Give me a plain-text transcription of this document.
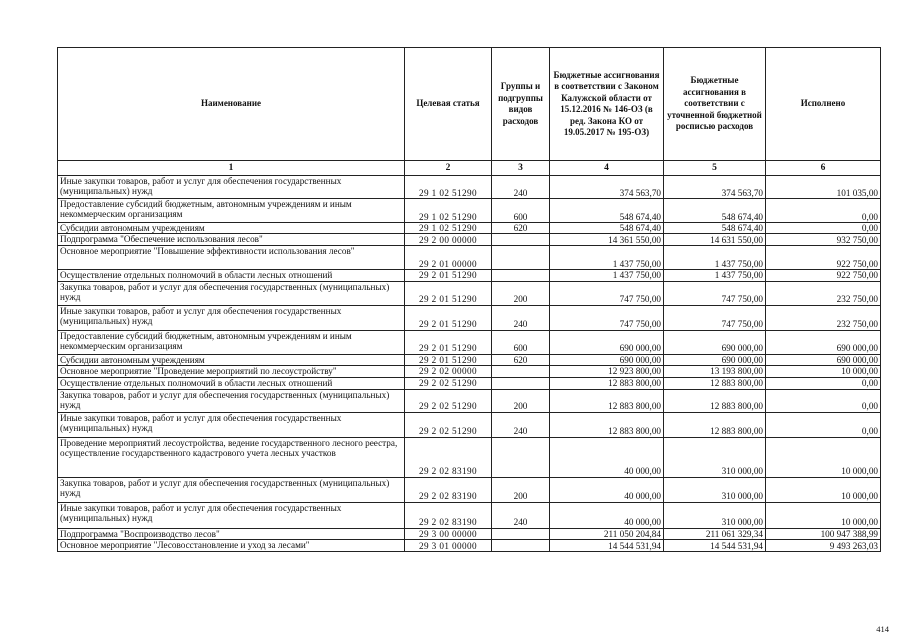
Наименование	Целевая статья	Группы и подгруппы видов расходов	Бюджетные ассигнования в соответствии с Законом Калужской области от 15.12.2016 № 146-ОЗ (в ред. Закона КО от 19.05.2017 № 195-ОЗ)	Бюджетные ассигнования в соответствии с уточненной бюджетной росписью расходов	Исполнено
1	2	3	4	5	6
Иные закупки товаров, работ и услуг для обеспечения государственных (муниципальных) нужд	29 1 02 51290	240	374 563,70	374 563,70	101 035,00
Предоставление субсидий бюджетным, автономным учреждениям и иным некоммерческим организациям	29 1 02 51290	600	548 674,40	548 674,40	0,00
Субсидии автономным учреждениям	29 1 02 51290	620	548 674,40	548 674,40	0,00
Подпрограмма "Обеспечение использования лесов"	29 2 00 00000		14 361 550,00	14 631 550,00	932 750,00
Основное мероприятие "Повышение эффективности использования лесов"	29 2 01 00000		1 437 750,00	1 437 750,00	922 750,00
Осуществление отдельных полномочий в области лесных отношений	29 2 01 51290		1 437 750,00	1 437 750,00	922 750,00
Закупка товаров, работ и услуг для обеспечения государственных (муниципальных) нужд	29 2 01 51290	200	747 750,00	747 750,00	232 750,00
Иные закупки товаров, работ и услуг для обеспечения государственных (муниципальных) нужд	29 2 01 51290	240	747 750,00	747 750,00	232 750,00
Предоставление субсидий бюджетным, автономным учреждениям и иным некоммерческим организациям	29 2 01 51290	600	690 000,00	690 000,00	690 000,00
Субсидии автономным учреждениям	29 2 01 51290	620	690 000,00	690 000,00	690 000,00
Основное мероприятие "Проведение мероприятий по лесоустройству"	29 2 02 00000		12 923 800,00	13 193 800,00	10 000,00
Осуществление отдельных полномочий в области лесных отношений	29 2 02 51290		12 883 800,00	12 883 800,00	0,00
Закупка товаров, работ и услуг для обеспечения государственных (муниципальных) нужд	29 2 02 51290	200	12 883 800,00	12 883 800,00	0,00
Иные закупки товаров, работ и услуг для обеспечения государственных (муниципальных) нужд	29 2 02 51290	240	12 883 800,00	12 883 800,00	0,00
Проведение мероприятий лесоустройства, ведение государственного лесного реестра, осуществление государственного кадастрового учета лесных участков	29 2 02 83190		40 000,00	310 000,00	10 000,00
Закупка товаров, работ и услуг для обеспечения государственных (муниципальных) нужд	29 2 02 83190	200	40 000,00	310 000,00	10 000,00
Иные закупки товаров, работ и услуг для обеспечения государственных (муниципальных) нужд	29 2 02 83190	240	40 000,00	310 000,00	10 000,00
Подпрограмма "Воспроизводство лесов"	29 3 00 00000		211 050 204,84	211 061 329,34	100 947 388,99
Основное мероприятие "Лесовосстановление и уход за лесами"	29 3 01 00000		14 544 531,94	14 544 531,94	9 493 263,03
414
